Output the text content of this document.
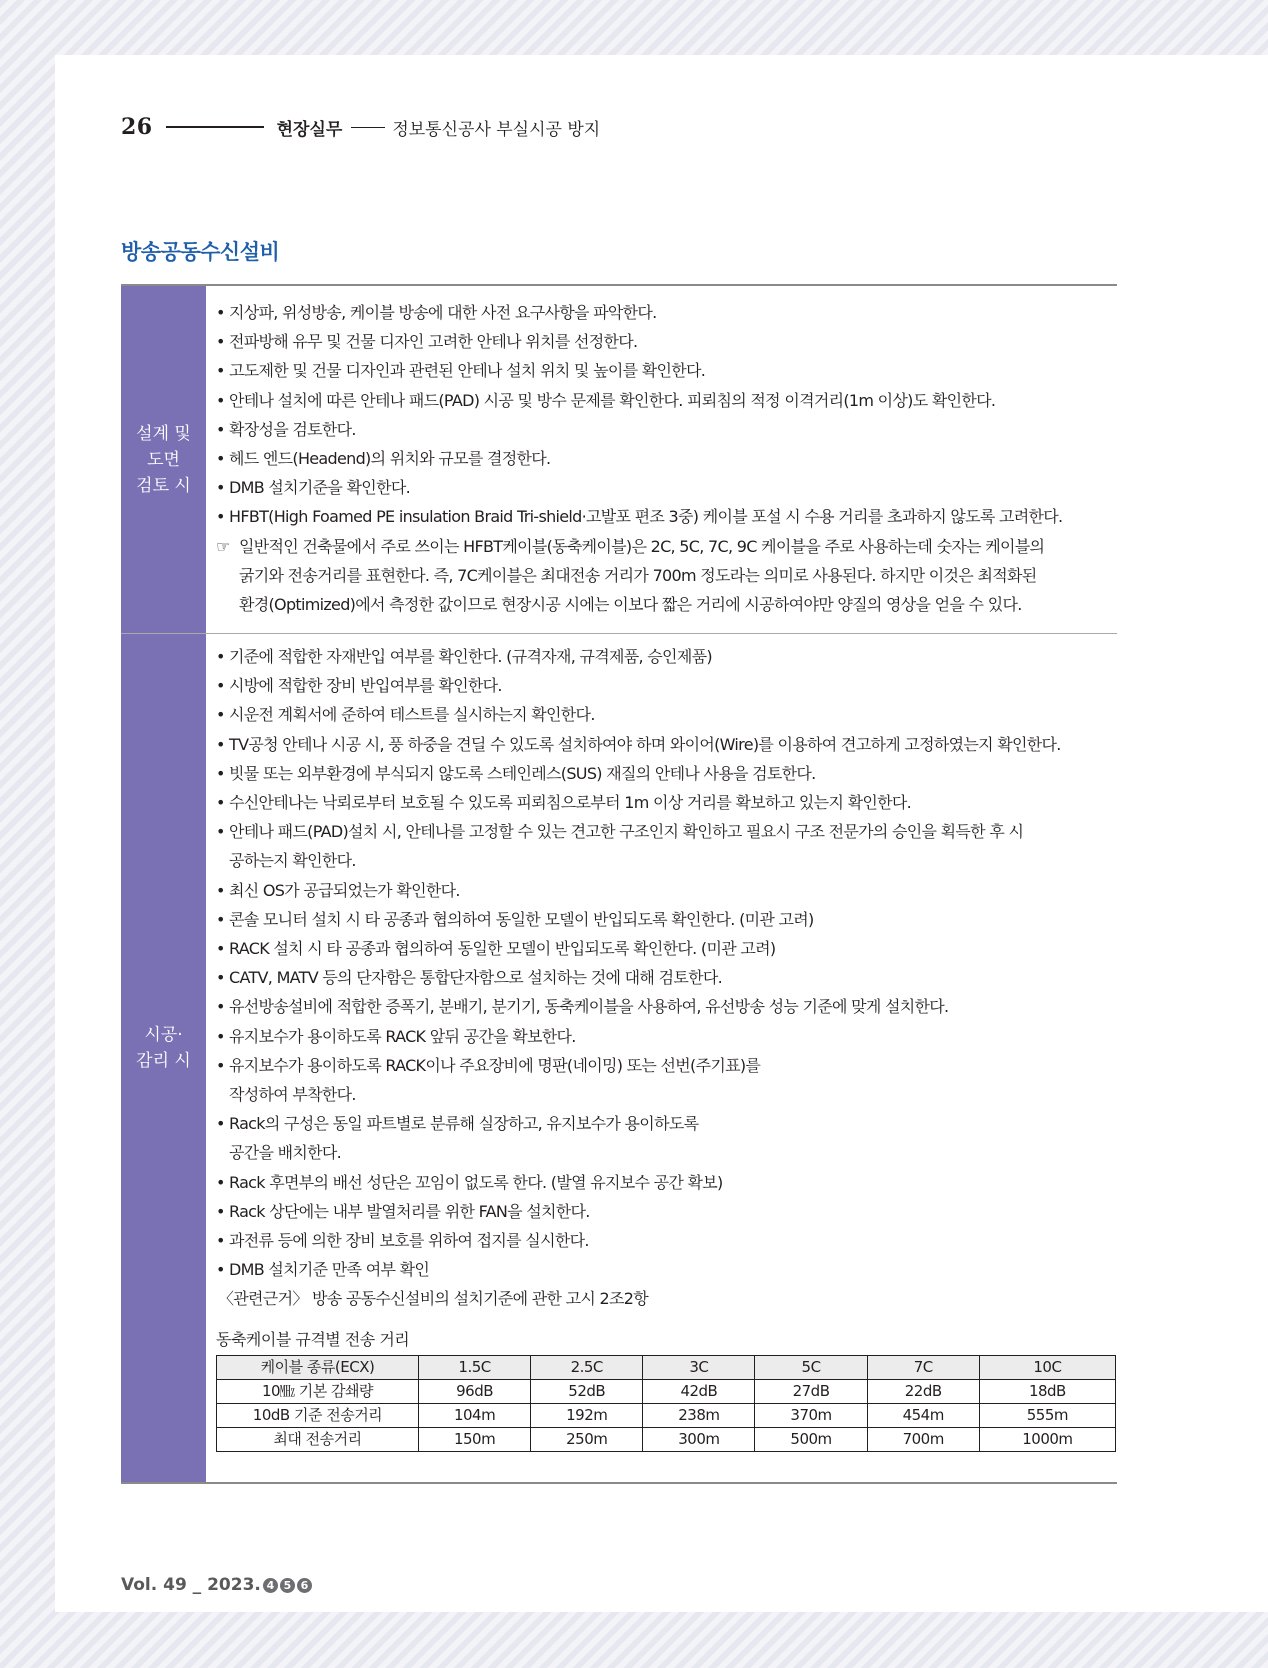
26	현장실무	정보통신공사 부실시공 방지
방송공동수신설비
설계 및
도면
검토 시
• 지상파, 위성방송, 케이블 방송에 대한 사전 요구사항을 파악한다.
• 전파방해 유무 및 건물 디자인 고려한 안테나 위치를 선정한다.
• 고도제한 및 건물 디자인과 관련된 안테나 설치 위치 및 높이를 확인한다.
• 안테나 설치에 따른 안테나 패드(PAD) 시공 및 방수 문제를 확인한다. 피뢰침의 적정 이격거리(1m 이상)도 확인한다.
• 확장성을 검토한다.
• 헤드 엔드(Headend)의 위치와 규모를 결정한다.
• DMB 설치기준을 확인한다.
• HFBT(High Foamed PE insulation Braid Tri-shield·고발포 편조 3중) 케이블 포설 시 수용 거리를 초과하지 않도록 고려한다.
☞ 일반적인 건축물에서 주로 쓰이는 HFBT케이블(동축케이블)은 2C, 5C, 7C, 9C 케이블을 주로 사용하는데 숫자는 케이블의
굵기와 전송거리를 표현한다. 즉, 7C케이블은 최대전송 거리가 700m 정도라는 의미로 사용된다. 하지만 이것은 최적화된
환경(Optimized)에서 측정한 값이므로 현장시공 시에는 이보다 짧은 거리에 시공하여야만 양질의 영상을 얻을 수 있다.
시공·
감리 시
• 기준에 적합한 자재반입 여부를 확인한다. (규격자재, 규격제품, 승인제품)
• 시방에 적합한 장비 반입여부를 확인한다.
• 시운전 계획서에 준하여 테스트를 실시하는지 확인한다.
• TV공청 안테나 시공 시, 풍 하중을 견딜 수 있도록 설치하여야 하며 와이어(Wire)를 이용하여 견고하게 고정하였는지 확인한다.
• 빗물 또는 외부환경에 부식되지 않도록 스테인레스(SUS) 재질의 안테나 사용을 검토한다.
• 수신안테나는 낙뢰로부터 보호될 수 있도록 피뢰침으로부터 1m 이상 거리를 확보하고 있는지 확인한다.
• 안테나 패드(PAD)설치 시, 안테나를 고정할 수 있는 견고한 구조인지 확인하고 필요시 구조 전문가의 승인을 획득한 후 시
공하는지 확인한다.
• 최신 OS가 공급되었는가 확인한다.
• 콘솔 모니터 설치 시 타 공종과 협의하여 동일한 모델이 반입되도록 확인한다. (미관 고려)
• RACK 설치 시 타 공종과 협의하여 동일한 모델이 반입되도록 확인한다. (미관 고려)
• CATV, MATV 등의 단자함은 통합단자함으로 설치하는 것에 대해 검토한다.
• 유선방송설비에 적합한 증폭기, 분배기, 분기기, 동축케이블을 사용하여, 유선방송 성능 기준에 맞게 설치한다.
• 유지보수가 용이하도록 RACK 앞뒤 공간을 확보한다.
• 유지보수가 용이하도록 RACK이나 주요장비에 명판(네이밍) 또는 선번(주기표)를
작성하여 부착한다.
• Rack의 구성은 동일 파트별로 분류해 실장하고, 유지보수가 용이하도록
공간을 배치한다.
• Rack 후면부의 배선 성단은 꼬임이 없도록 한다. (발열 유지보수 공간 확보)
• Rack 상단에는 내부 발열처리를 위한 FAN을 설치한다.
• 과전류 등에 의한 장비 보호를 위하여 접지를 실시한다.
• DMB 설치기준 만족 여부 확인
〈관련근거〉 방송 공동수신설비의 설치기준에 관한 고시 2조2항
동축케이블 규격별 전송 거리
케이블 종류(ECX)	1.5C	2.5C	3C	5C	7C	10C
10㎒ 기본 감쇄량	96dB	52dB	42dB	27dB	22dB	18dB
10dB 기준 전송거리	104m	192m	238m	370m	454m	555m
최대 전송거리	150m	250m	300m	500m	700m	1000m
Vol. 49 _ 2023. 4 5 6
